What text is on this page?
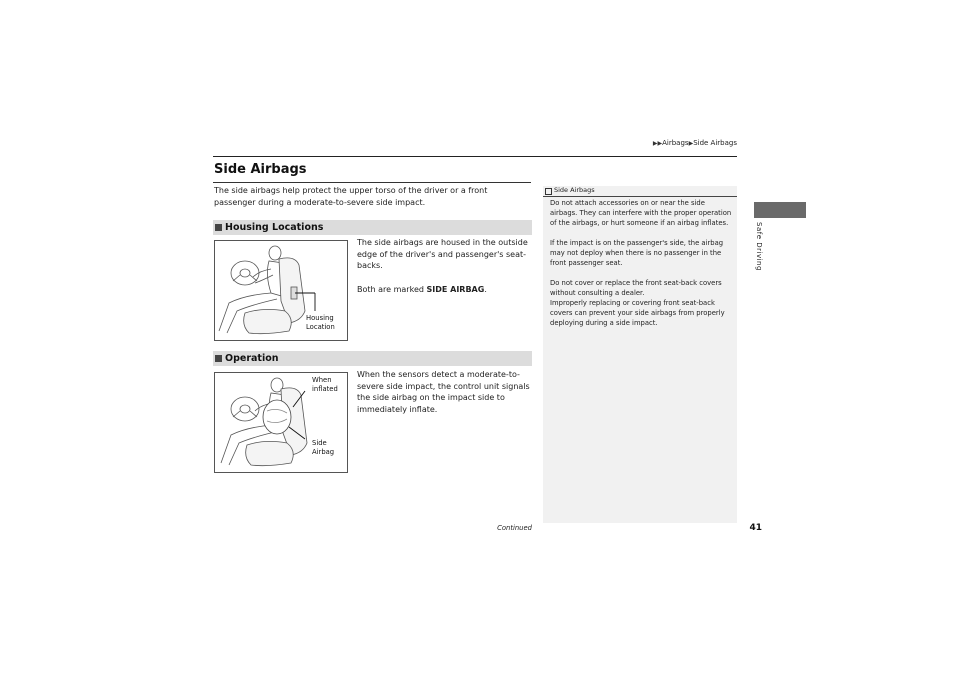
▶▶Airbags▶Side Airbags
Side Airbags
The side airbags help protect the upper torso of the driver or a front passenger during a moderate-to-severe side impact.
Housing Locations
Housing
Location
The side airbags are housed in the outside edge of the driver's and passenger's seat-backs.
Both are marked SIDE AIRBAG.
Operation
When
inflated
Side
Airbag
When the sensors detect a moderate-to-severe side impact, the control unit signals the side airbag on the impact side to immediately inflate.
Side Airbags
Do not attach accessories on or near the side airbags. They can interfere with the proper operation of the airbags, or hurt someone if an airbag inflates.
If the impact is on the passenger's side, the airbag may not deploy when there is no passenger in the front passenger seat.
Do not cover or replace the front seat-back covers without consulting a dealer.
Improperly replacing or covering front seat-back covers can prevent your side airbags from properly deploying during a side impact.
Safe Driving
Continued	41
